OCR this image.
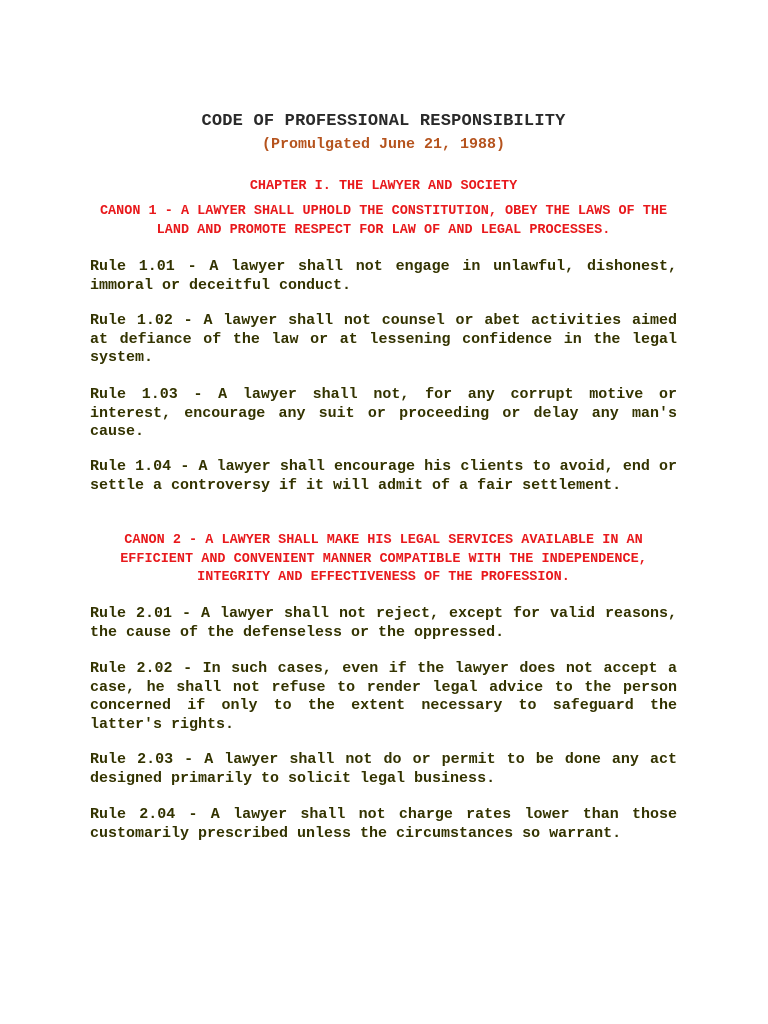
CODE OF PROFESSIONAL RESPONSIBILITY
(Promulgated June 21, 1988)
CHAPTER I. THE LAWYER AND SOCIETY
CANON 1 - A LAWYER SHALL UPHOLD THE CONSTITUTION, OBEY THE LAWS OF THE LAND AND PROMOTE RESPECT FOR LAW OF AND LEGAL PROCESSES.
Rule 1.01 - A lawyer shall not engage in unlawful, dishonest, immoral or deceitful conduct.
Rule 1.02 - A lawyer shall not counsel or abet activities aimed at defiance of the law or at lessening confidence in the legal system.
Rule 1.03 - A lawyer shall not, for any corrupt motive or interest, encourage any suit or proceeding or delay any man's cause.
Rule 1.04 - A lawyer shall encourage his clients to avoid, end or settle a controversy if it will admit of a fair settlement.
CANON 2 - A LAWYER SHALL MAKE HIS LEGAL SERVICES AVAILABLE IN AN EFFICIENT AND CONVENIENT MANNER COMPATIBLE WITH THE INDEPENDENCE, INTEGRITY AND EFFECTIVENESS OF THE PROFESSION.
Rule 2.01 - A lawyer shall not reject, except for valid reasons, the cause of the defenseless or the oppressed.
Rule 2.02 - In such cases, even if the lawyer does not accept a case, he shall not refuse to render legal advice to the person concerned if only to the extent necessary to safeguard the latter's rights.
Rule 2.03 - A lawyer shall not do or permit to be done any act designed primarily to solicit legal business.
Rule 2.04 - A lawyer shall not charge rates lower than those customarily prescribed unless the circumstances so warrant.
